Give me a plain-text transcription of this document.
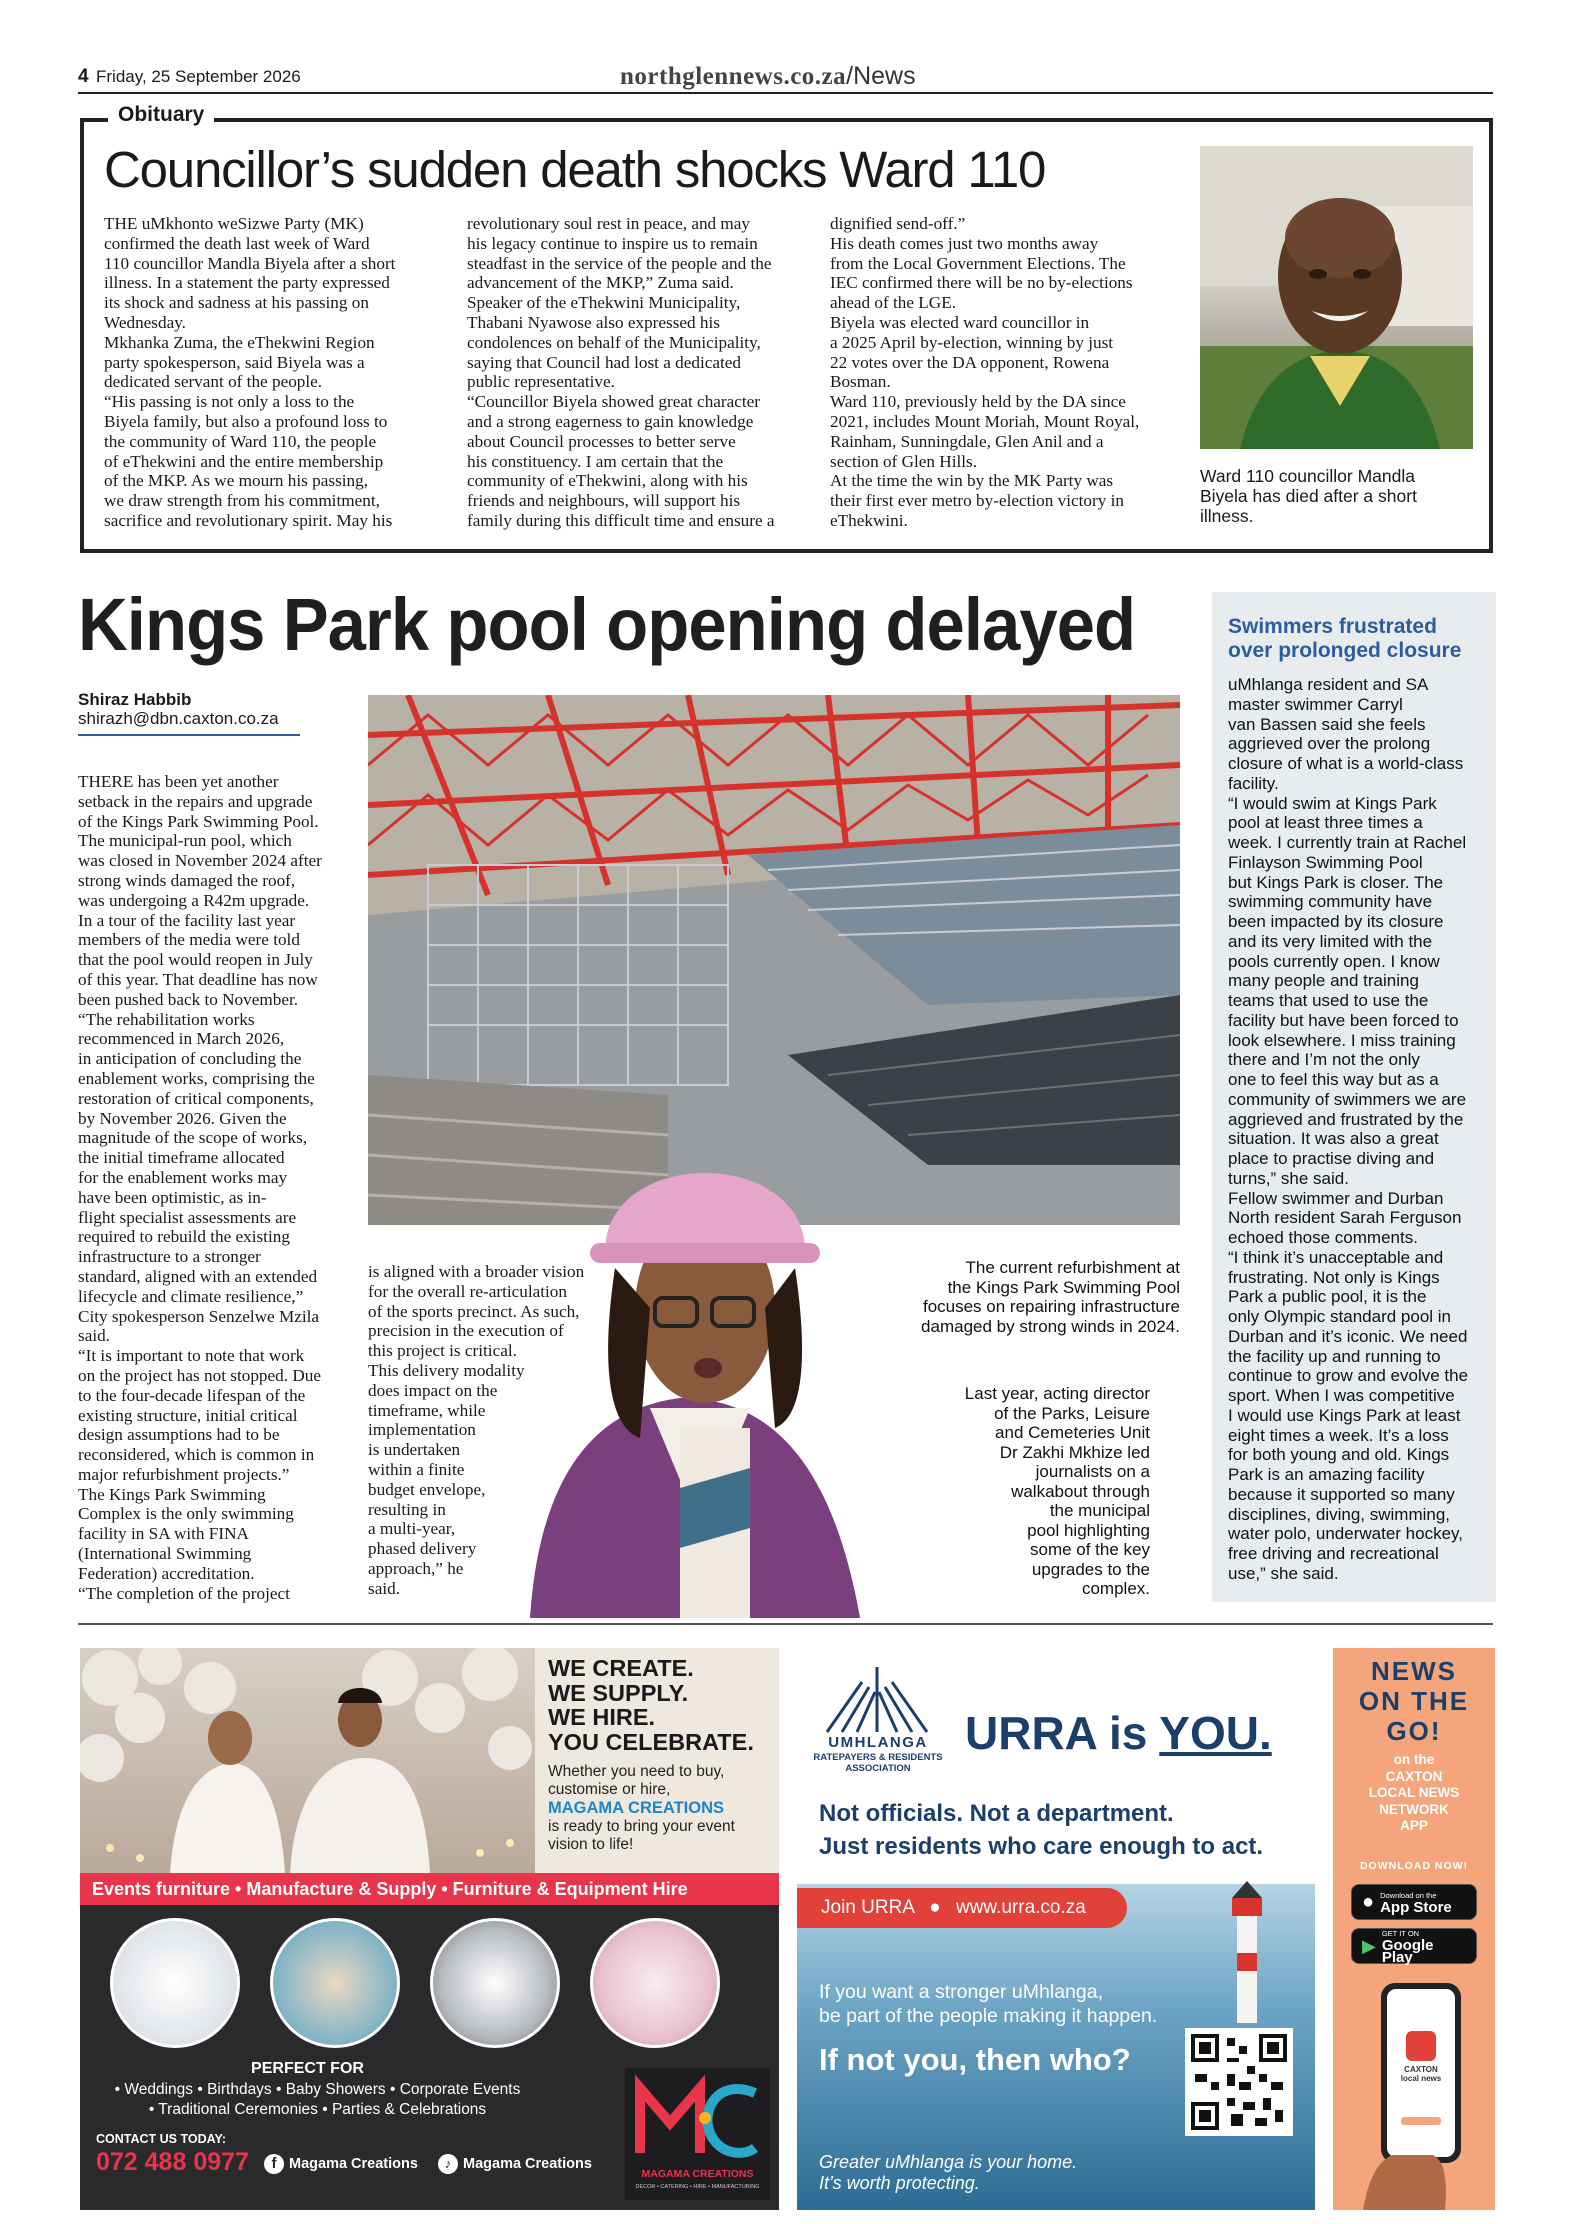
4 Friday, 25 September 2026	northglennews.co.za/News
Obituary
Councillor’s sudden death shocks Ward 110
THE uMkhonto weSizwe Party (MK)
confirmed the death last week of Ward
110 councillor Mandla Biyela after a short
illness. In a statement the party expressed
its shock and sadness at his passing on
Wednesday.
Mkhanka Zuma, the eThekwini Region
party spokesperson, said Biyela was a
dedicated servant of the people.
“His passing is not only a loss to the
Biyela family, but also a profound loss to
the community of Ward 110, the people
of eThekwini and the entire membership
of the MKP. As we mourn his passing,
we draw strength from his commitment,
sacrifice and revolutionary spirit. May his
revolutionary soul rest in peace, and may
his legacy continue to inspire us to remain
steadfast in the service of the people and the
advancement of the MKP,” Zuma said.
Speaker of the eThekwini Municipality,
Thabani Nyawose also expressed his
condolences on behalf of the Municipality,
saying that Council had lost a dedicated
public representative.
“Councillor Biyela showed great character
and a strong eagerness to gain knowledge
about Council processes to better serve
his constituency. I am certain that the
community of eThekwini, along with his
friends and neighbours, will support his
family during this difficult time and ensure a
dignified send-off.”
His death comes just two months away
from the Local Government Elections. The
IEC confirmed there will be no by-elections
ahead of the LGE.
Biyela was elected ward councillor in
a 2025 April by-election, winning by just
22 votes over the DA opponent, Rowena
Bosman.
Ward 110, previously held by the DA since
2021, includes Mount Moriah, Mount Royal,
Rainham, Sunningdale, Glen Anil and a
section of Glen Hills.
At the time the win by the MK Party was
their first ever metro by-election victory in
eThekwini.
Ward 110 councillor Mandla
Biyela has died after a short
illness.
Kings Park pool opening delayed
Shiraz Habbib
shirazh@dbn.caxton.co.za
THERE has been yet another
setback in the repairs and upgrade
of the Kings Park Swimming Pool.
The municipal-run pool, which
was closed in November 2024 after
strong winds damaged the roof,
was undergoing a R42m upgrade.
In a tour of the facility last year
members of the media were told
that the pool would reopen in July
of this year. That deadline has now
been pushed back to November.
“The rehabilitation works
recommenced in March 2026,
in anticipation of concluding the
enablement works, comprising the
restoration of critical components,
by November 2026. Given the
magnitude of the scope of works,
the initial timeframe allocated
for the enablement works may
have been optimistic, as in-
flight specialist assessments are
required to rebuild the existing
infrastructure to a stronger
standard, aligned with an extended
lifecycle and climate resilience,”
City spokesperson Senzelwe Mzila
said.
“It is important to note that work
on the project has not stopped. Due
to the four-decade lifespan of the
existing structure, initial critical
design assumptions had to be
reconsidered, which is common in
major refurbishment projects.”
The Kings Park Swimming
Complex is the only swimming
facility in SA with FINA
(International Swimming
Federation) accreditation.
“The completion of the project
is aligned with a broader vision
for the overall re-articulation
of the sports precinct. As such,
precision in the execution of
this project is critical.
This delivery modality
does impact on the
timeframe, while
implementation
is undertaken
within a finite
budget envelope,
resulting in
a multi-year,
phased delivery
approach,” he
said.
The current refurbishment at
the Kings Park Swimming Pool
focuses on repairing infrastructure
damaged by strong winds in 2024.
Last year, acting director
of the Parks, Leisure
and Cemeteries Unit
Dr Zakhi Mkhize led
journalists on a
walkabout through
the municipal
pool highlighting
some of the key
upgrades to the
complex.
Swimmers frustrated
over prolonged closure
uMhlanga resident and SA
master swimmer Carryl
van Bassen said she feels
aggrieved over the prolong
closure of what is a world-class
facility.
“I would swim at Kings Park
pool at least three times a
week. I currently train at Rachel
Finlayson Swimming Pool
but Kings Park is closer. The
swimming community have
been impacted by its closure
and its very limited with the
pools currently open. I know
many people and training
teams that used to use the
facility but have been forced to
look elsewhere. I miss training
there and I’m not the only
one to feel this way but as a
community of swimmers we are
aggrieved and frustrated by the
situation. It was also a great
place to practise diving and
turns,” she said.
Fellow swimmer and Durban
North resident Sarah Ferguson
echoed those comments.
“I think it’s unacceptable and
frustrating. Not only is Kings
Park a public pool, it is the
only Olympic standard pool in
Durban and it’s iconic. We need
the facility up and running to
continue to grow and evolve the
sport. When I was competitive
I would use Kings Park at least
eight times a week. It’s a loss
for both young and old. Kings
Park is an amazing facility
because it supported so many
disciplines, diving, swimming,
water polo, underwater hockey,
free driving and recreational
use,” she said.
WE CREATE.
WE SUPPLY.
WE HIRE.
YOU CELEBRATE.
Whether you need to buy,
customise or hire,
MAGAMA CREATIONS
is ready to bring your event
vision to life!
Events furniture • Manufacture & Supply • Furniture & Equipment Hire
PERFECT FOR
• Weddings • Birthdays • Baby Showers • Corporate Events
• Traditional Ceremonies • Parties & Celebrations
CONTACT US TODAY:
072 488 0977	f Magama Creations	♪ Magama Creations
MAGAMA CREATIONS
DECOR • CATERING • HIRE • MANUFACTURING
UMHLANGA
RATEPAYERS & RESIDENTS
ASSOCIATION
URRA is YOU.
Not officials. Not a department.
Just residents who care enough to act.
Join URRA ● www.urra.co.za
If you want a stronger uMhlanga,
be part of the people making it happen.
If not you, then who?
Greater uMhlanga is your home.
It’s worth protecting.
NEWS
ON THE
GO!
on the
CAXTON
LOCAL NEWS
NETWORK
APP
DOWNLOAD NOW!
● Download on the
App Store
▶
GET IT ON
Google Play
CAXTON
local news
